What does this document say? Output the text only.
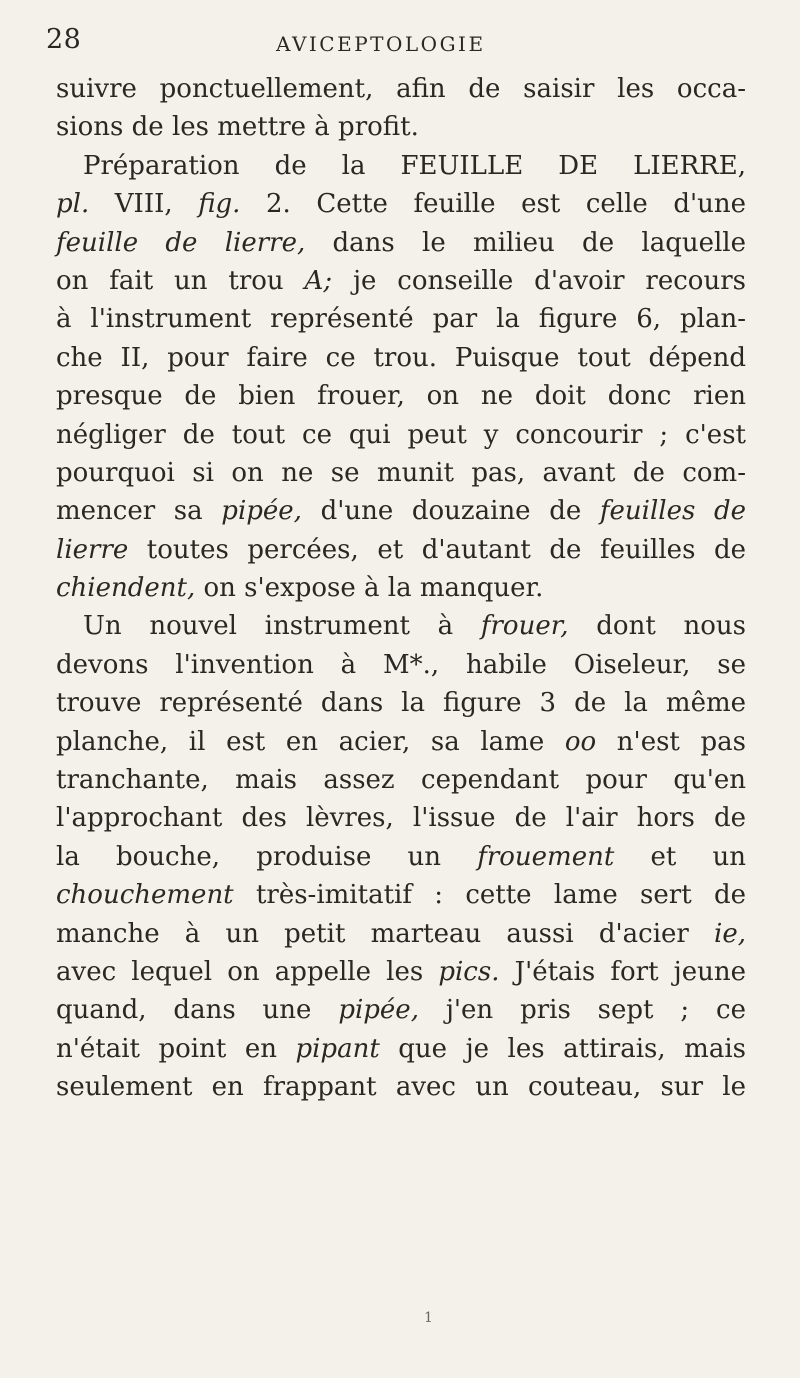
28	AVICEPTOLOGIE
suivre ponctuellement, afin de saisir les occa-
sions de les mettre à profit.
Préparation de la FEUILLE DE LIERRE,
pl. VIII, fig. 2. Cette feuille est celle d'une
feuille de lierre, dans le milieu de laquelle
on fait un trou A; je conseille d'avoir recours
à l'instrument représenté par la figure 6, plan-
che II, pour faire ce trou. Puisque tout dépend
presque de bien frouer, on ne doit donc rien
négliger de tout ce qui peut y concourir ; c'est
pourquoi si on ne se munit pas, avant de com-
mencer sa pipée, d'une douzaine de feuilles de
lierre toutes percées, et d'autant de feuilles de
chiendent, on s'expose à la manquer.
Un nouvel instrument à frouer, dont nous
devons l'invention à M*., habile Oiseleur, se
trouve représenté dans la figure 3 de la même
planche, il est en acier, sa lame oo n'est pas
tranchante, mais assez cependant pour qu'en
l'approchant des lèvres, l'issue de l'air hors de
la bouche, produise un frouement et un
chouchement très-imitatif : cette lame sert de
manche à un petit marteau aussi d'acier ie,
avec lequel on appelle les pics. J'étais fort jeune
quand, dans une pipée, j'en pris sept ; ce
n'était point en pipant que je les attirais, mais
seulement en frappant avec un couteau, sur le
1
